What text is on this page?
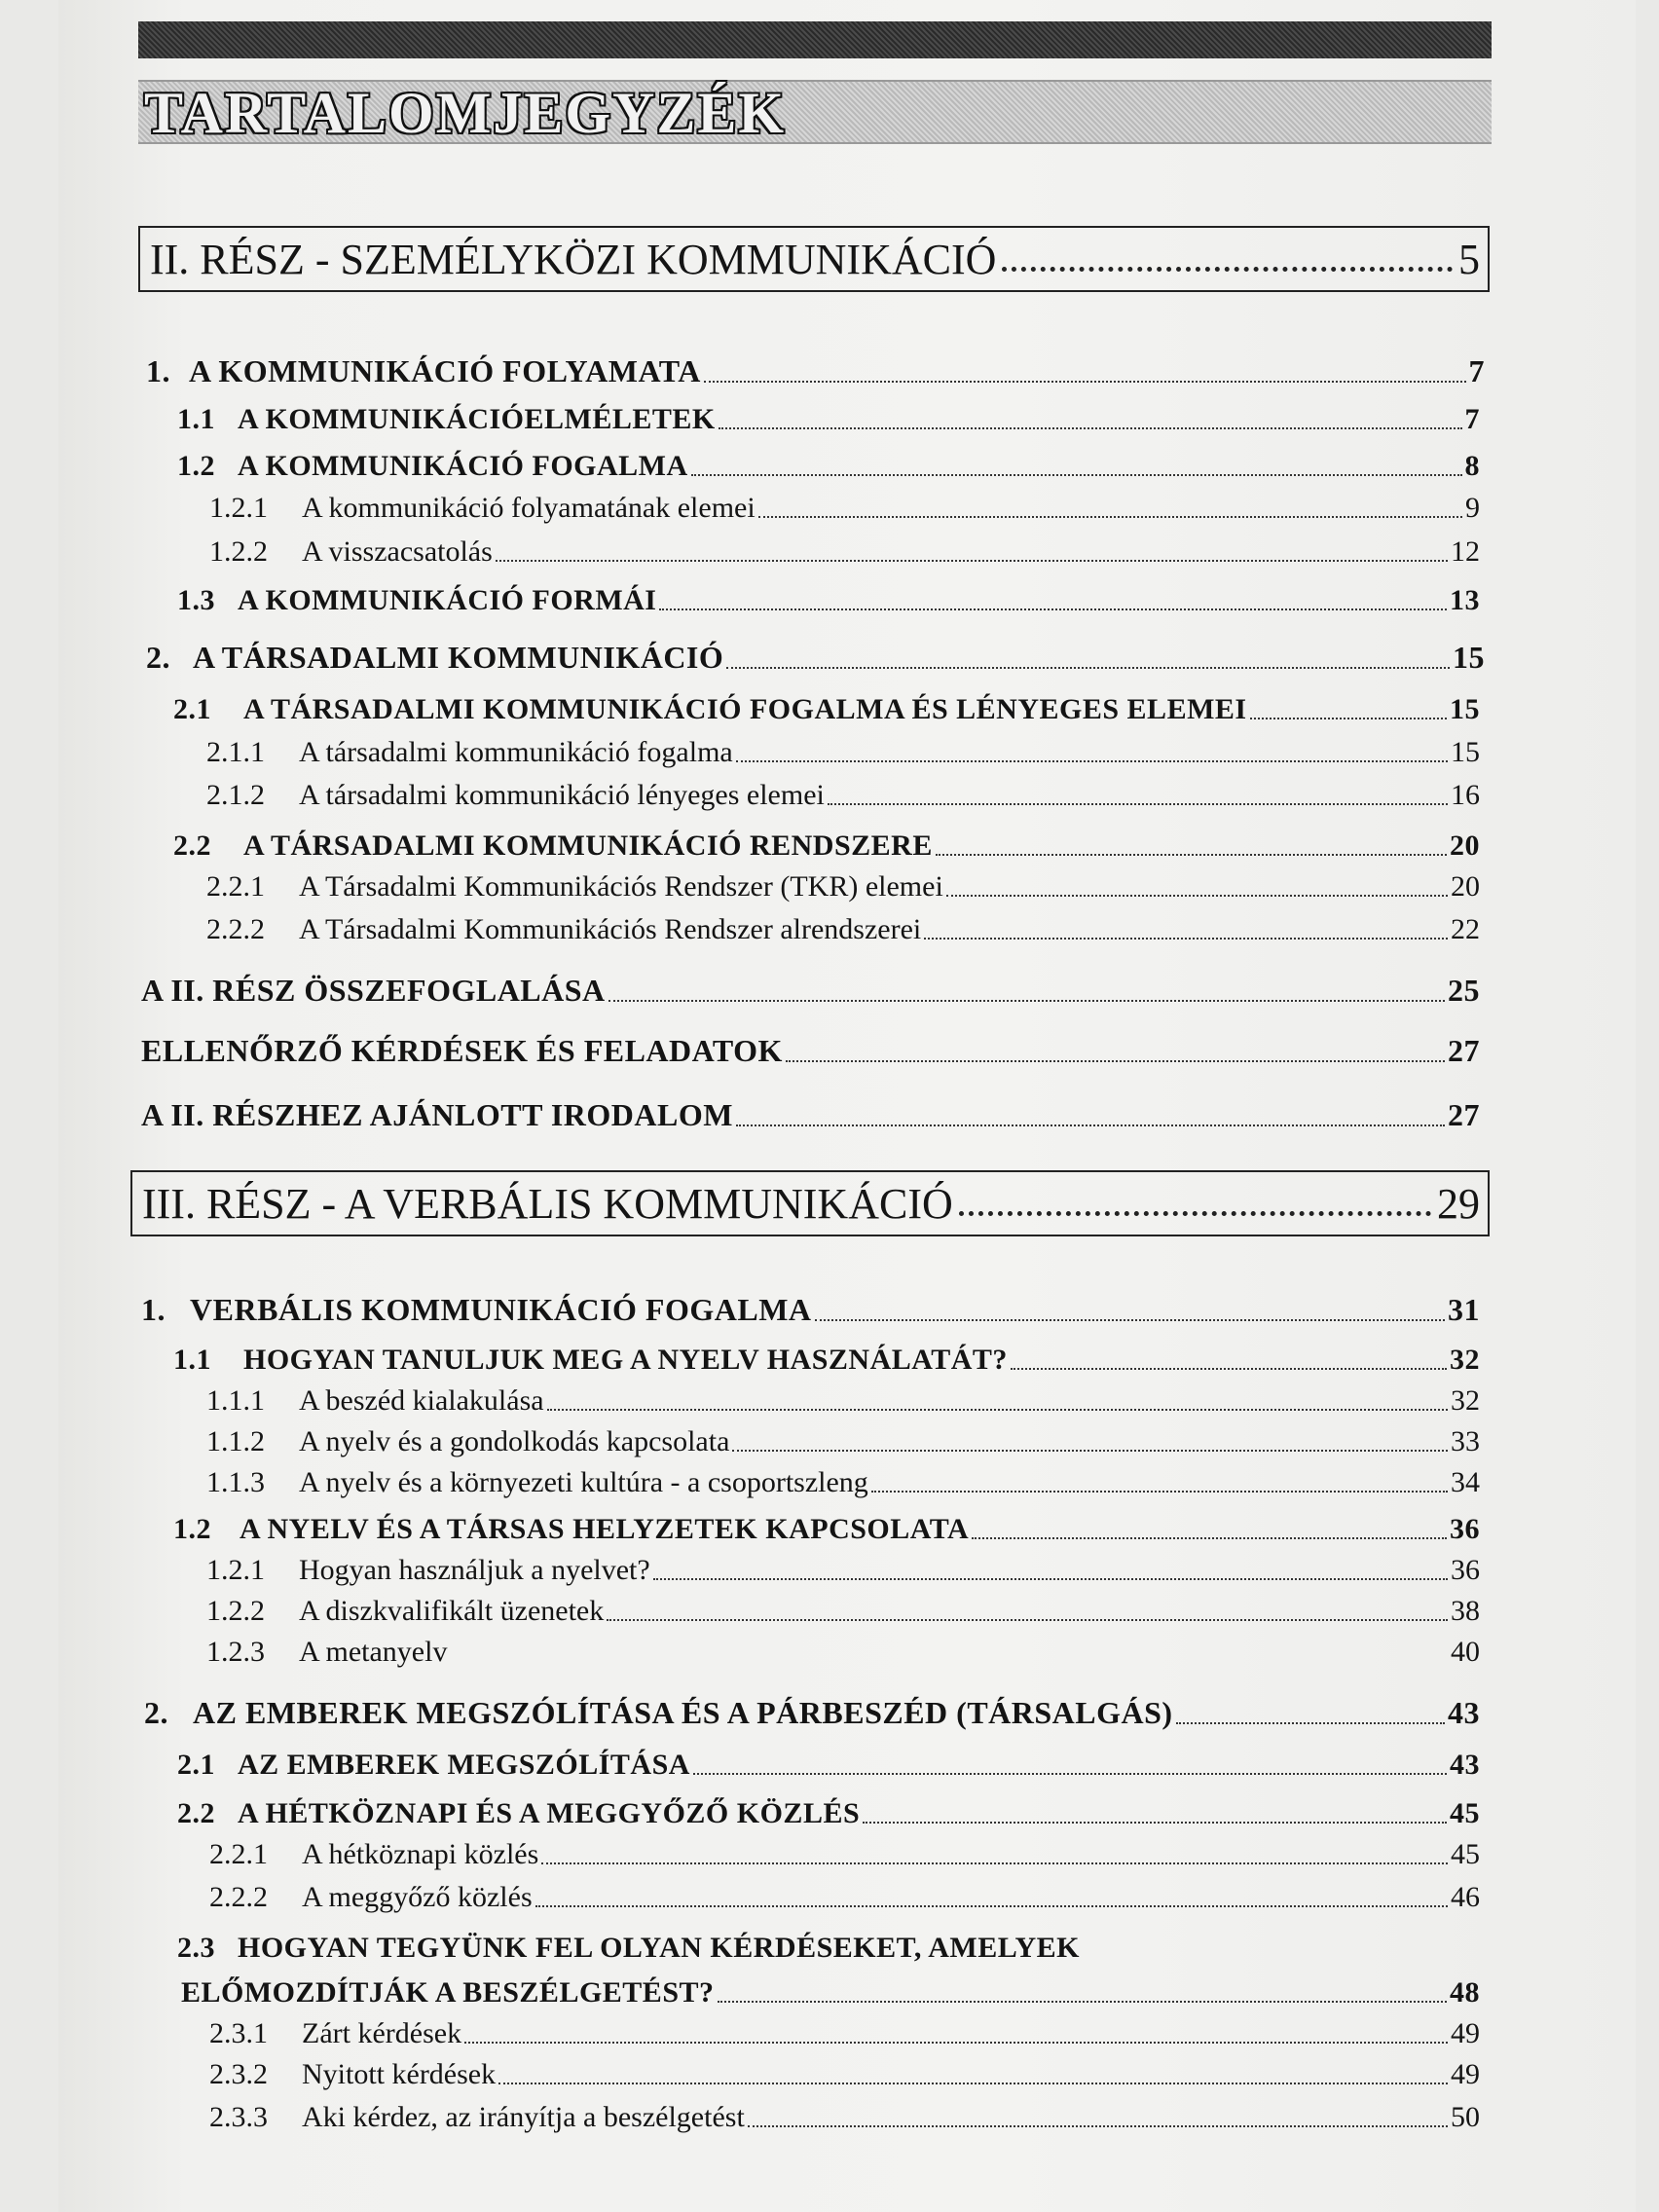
TARTALOMJEGYZÉK
II. RÉSZ - SZEMÉLYKÖZI KOMMUNIKÁCIÓ	5
1. A KOMMUNIKÁCIÓ FOLYAMATA	7
1.1 A KOMMUNIKÁCIÓELMÉLETEK	7
1.2 A KOMMUNIKÁCIÓ FOGALMA	8
1.2.1 A kommunikáció folyamatának elemei	9
1.2.2 A visszacsatolás	12
1.3 A KOMMUNIKÁCIÓ FORMÁI	13
2. A TÁRSADALMI KOMMUNIKÁCIÓ	15
2.1 A TÁRSADALMI KOMMUNIKÁCIÓ FOGALMA ÉS LÉNYEGES ELEMEI	15
2.1.1 A társadalmi kommunikáció fogalma	15
2.1.2 A társadalmi kommunikáció lényeges elemei	16
2.2 A TÁRSADALMI KOMMUNIKÁCIÓ RENDSZERE	20
2.2.1 A Társadalmi Kommunikációs Rendszer (TKR) elemei	20
2.2.2 A Társadalmi Kommunikációs Rendszer alrendszerei	22
A II. RÉSZ ÖSSZEFOGLALÁSA	25
ELLENŐRZŐ KÉRDÉSEK ÉS FELADATOK	27
A II. RÉSZHEZ AJÁNLOTT IRODALOM	27
III. RÉSZ - A VERBÁLIS KOMMUNIKÁCIÓ	29
1. VERBÁLIS KOMMUNIKÁCIÓ FOGALMA	31
1.1 HOGYAN TANULJUK MEG A NYELV HASZNÁLATÁT?	32
1.1.1 A beszéd kialakulása	32
1.1.2 A nyelv és a gondolkodás kapcsolata	33
1.1.3 A nyelv és a környezeti kultúra - a csoportszleng	34
1.2 A NYELV ÉS A TÁRSAS HELYZETEK KAPCSOLATA	36
1.2.1 Hogyan használjuk a nyelvet?	36
1.2.2 A diszkvalifikált üzenetek	38
1.2.3 A metanyelv	40
2. AZ EMBEREK MEGSZÓLÍTÁSA ÉS A PÁRBESZÉD (TÁRSALGÁS)	43
2.1 AZ EMBEREK MEGSZÓLÍTÁSA	43
2.2 A HÉTKÖZNAPI ÉS A MEGGYŐZŐ KÖZLÉS	45
2.2.1 A hétköznapi közlés	45
2.2.2 A meggyőző közlés	46
2.3 HOGYAN TEGYÜNK FEL OLYAN KÉRDÉSEKET, AMELYEK
ELŐMOZDÍTJÁK A BESZÉLGETÉST?	48
2.3.1 Zárt kérdések	49
2.3.2 Nyitott kérdések	49
2.3.3 Aki kérdez, az irányítja a beszélgetést	50
